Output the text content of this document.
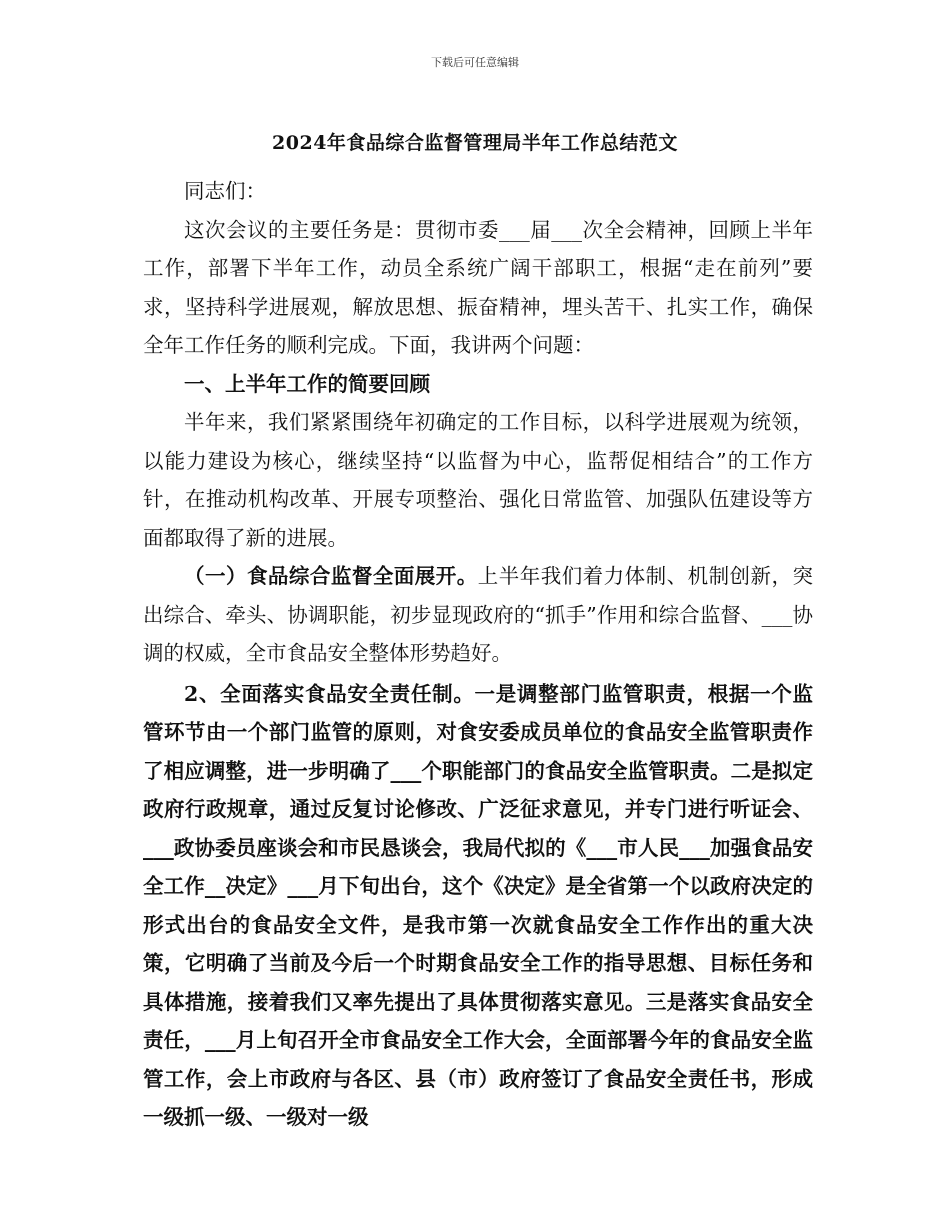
下载后可任意编辑
2024年食品综合监督管理局半年工作总结范文

同志们：

这次会议的主要任务是：贯彻市委___届___次全会精神，回顾上半年工作，部署下半年工作，动员全系统广阔干部职工，根据“走在前列”要求，坚持科学进展观，解放思想、振奋精神，埋头苦干、扎实工作，确保全年工作任务的顺利完成。下面，我讲两个问题：

一、上半年工作的简要回顾

半年来，我们紧紧围绕年初确定的工作目标，以科学进展观为统领，以能力建设为核心，继续坚持“以监督为中心，监帮促相结合”的工作方针，在推动机构改革、开展专项整治、强化日常监管、加强队伍建设等方面都取得了新的进展。

（一）食品综合监督全面展开。上半年我们着力体制、机制创新，突出综合、牵头、协调职能，初步显现政府的“抓手”作用和综合监督、___协调的权威，全市食品安全整体形势趋好。

2、全面落实食品安全责任制。一是调整部门监管职责，根据一个监管环节由一个部门监管的原则，对食安委成员单位的食品安全监管职责作了相应调整，进一步明确了___个职能部门的食品安全监管职责。二是拟定政府行政规章，通过反复讨论修改、广泛征求意见，并专门进行听证会、___政协委员座谈会和市民恳谈会，我局代拟的《___市人民___加强食品安全工作__决定》___月下旬出台，这个《决定》是全省第一个以政府决定的形式出台的食品安全文件，是我市第一次就食品安全工作作出的重大决策，它明确了当前及今后一个时期食品安全工作的指导思想、目标任务和具体措施，接着我们又率先提出了具体贯彻落实意见。三是落实食品安全责任，___月上旬召开全市食品安全工作大会，全面部署今年的食品安全监管工作，会上市政府与各区、县（市）政府签订了食品安全责任书，形成一级抓一级、一级对一级
